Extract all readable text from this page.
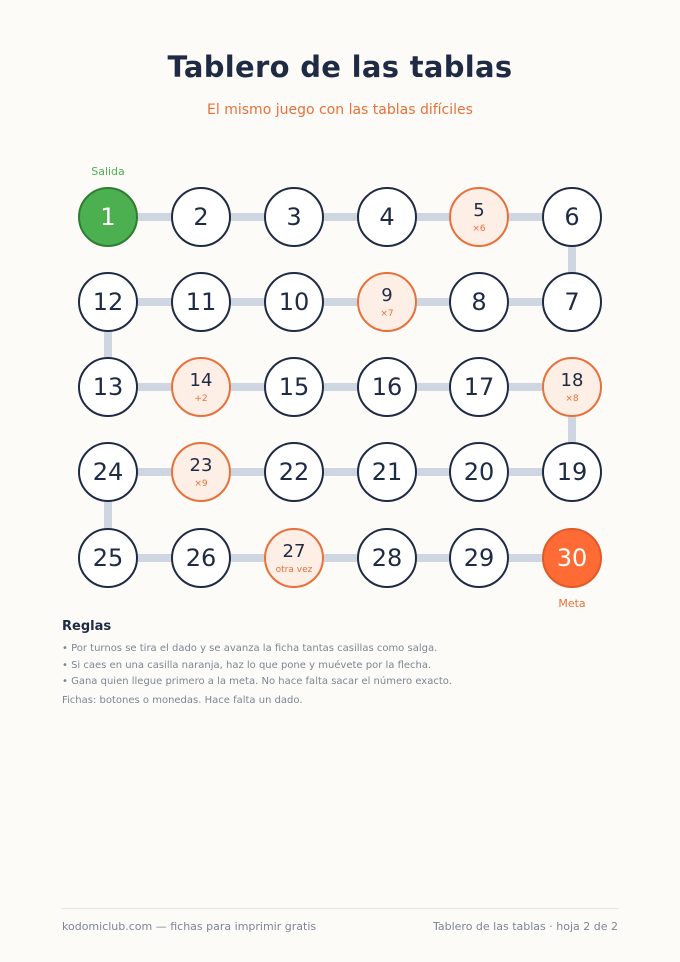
Tablero de las tablas
El mismo juego con las tablas difíciles
1	2	3	4	5
×6	6
12	11	10	9
×7	8	7
13	14
+2	15	16	17	18
×8
24	23
×9	22	21	20	19
25	26	27
otra vez 28	29	30
Salida
Meta
Reglas
• Por turnos se tira el dado y se avanza la ficha tantas casillas como salga.
• Si caes en una casilla naranja, haz lo que pone y muévete por la flecha.
• Gana quien llegue primero a la meta. No hace falta sacar el número exacto.
Fichas: botones o monedas. Hace falta un dado.
kodomiclub.com — fichas para imprimir gratis	Tablero de las tablas · hoja 2 de 2
